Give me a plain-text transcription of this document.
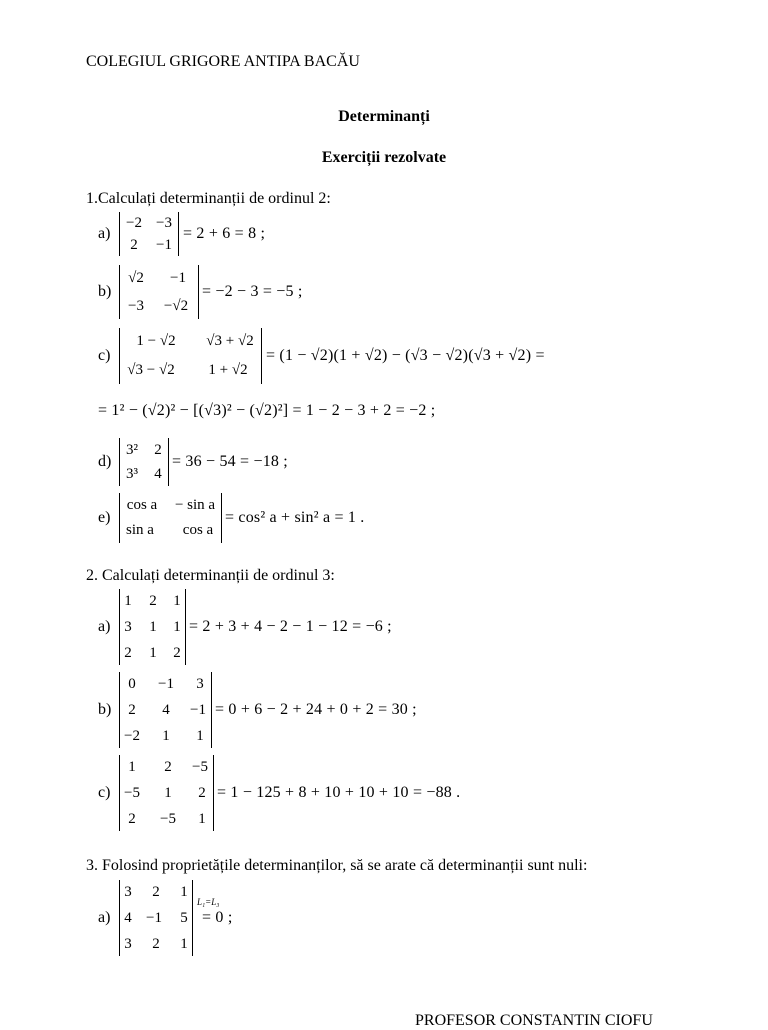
COLEGIUL GRIGORE ANTIPA BACĂU
Determinanți
Exerciții rezolvate
1.Calculați determinanții de ordinul 2:
a)
−2 −3
2 −1
= 2 + 6 = 8 ;
b)
√2 −1
−3 −√2
= −2 − 3 = −5 ;
c)
1 − √2 √3 + √2
√3 − √2 1 + √2
= (1 − √2)(1 + √2) − (√3 − √2)(√3 + √2) =
= 1² − (√2)² − [(√3)² − (√2)²] = 1 − 2 − 3 + 2 = −2 ;
d)
3² 2
3³ 4
= 36 − 54 = −18 ;
e)
cos a − sin a
sin a cos a
= cos² a + sin² a = 1 .
2. Calculați determinanții de ordinul 3:
a)
1 2 1
3 1 1
2 1 2
= 2 + 3 + 4 − 2 − 1 − 12 = −6 ;
b)
0 −1 3
2 4 −1
−2 1 1
= 0 + 6 − 2 + 24 + 0 + 2 = 30 ;
c)
1 2 −5
−5 1 2
2 −5 1
= 1 − 125 + 8 + 10 + 10 + 10 = −88 .
3. Folosind proprietățile determinanților, să se arate că determinanții sunt nuli:
a)
3 2 1
4 −1 5
3 2 1
L₁=L₃
= 0 ;
PROFESOR CONSTANTIN CIOFU
